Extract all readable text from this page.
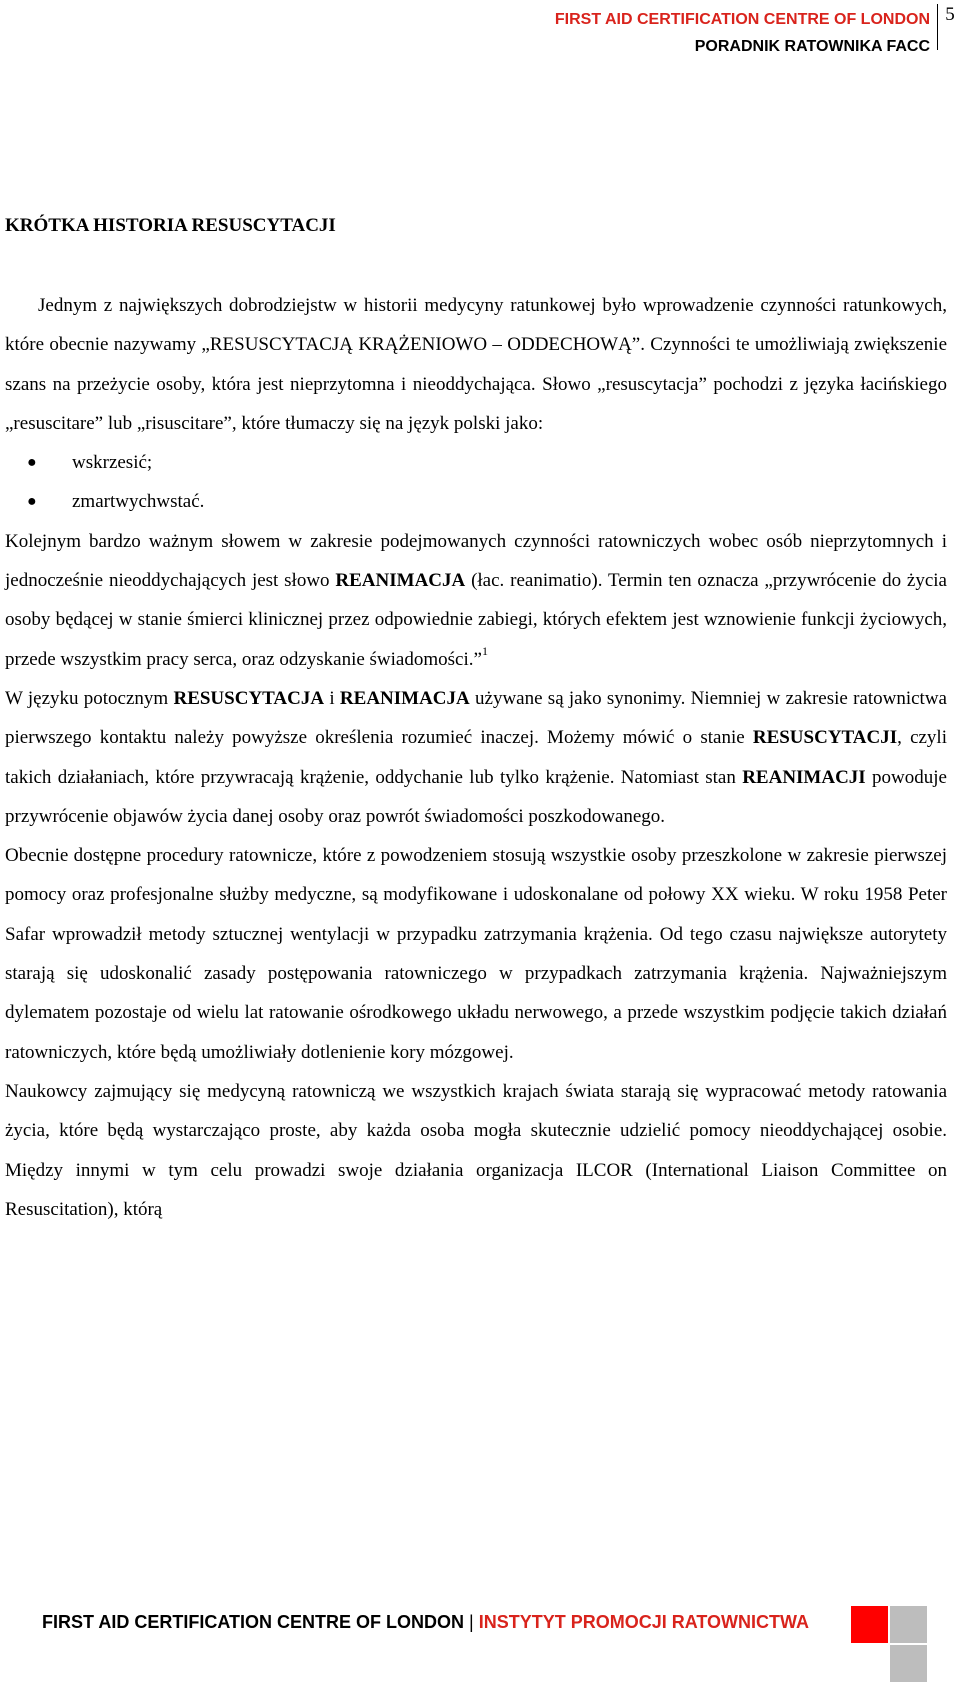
FIRST AID CERTIFICATION CENTRE OF LONDON
PORADNIK RATOWNIKA FACC
5
KRÓTKA HISTORIA RESUSCYTACJI

Jednym z największych dobrodziejstw w historii medycyny ratunkowej było wprowadzenie czynności ratunkowych, które obecnie nazywamy „RESUSCYTACJĄ KRĄŻENIOWO – ODDECHOWĄ”. Czynności te umożliwiają zwiększenie szans na przeżycie osoby, która jest nieprzytomna i nieoddychająca. Słowo „resuscytacja” pochodzi z języka łacińskiego „resuscitare” lub „risuscitare”, które tłumaczy się na język polski jako:

● wskrzesić;
● zmartwychwstać.

Kolejnym bardzo ważnym słowem w zakresie podejmowanych czynności ratowniczych wobec osób nieprzytomnych i jednocześnie nieoddychających jest słowo REANIMACJA (łac. reanimatio). Termin ten oznacza „przywrócenie do życia osoby będącej w stanie śmierci klinicznej przez odpowiednie zabiegi, których efektem jest wznowienie funkcji życiowych, przede wszystkim pracy serca, oraz odzyskanie świadomości.”$^1$

W języku potocznym RESUSCYTACJA i REANIMACJA używane są jako synonimy. Niemniej w zakresie ratownictwa pierwszego kontaktu należy powyższe określenia rozumieć inaczej. Możemy mówić o stanie RESUSCYTACJI, czyli takich działaniach, które przywracają krążenie, oddychanie lub tylko krążenie. Natomiast stan REANIMACJI powoduje przywrócenie objawów życia danej osoby oraz powrót świadomości poszkodowanego.

Obecnie dostępne procedury ratownicze, które z powodzeniem stosują wszystkie osoby przeszkolone w zakresie pierwszej pomocy oraz profesjonalne służby medyczne, są modyfikowane i udoskonalane od połowy XX wieku. W roku 1958 Peter Safar wprowadził metody sztucznej wentylacji w przypadku zatrzymania krążenia. Od tego czasu największe autorytety starają się udoskonalić zasady postępowania ratowniczego w przypadkach zatrzymania krążenia. Najważniejszym dylematem pozostaje od wielu lat ratowanie ośrodkowego układu nerwowego, a przede wszystkim podjęcie takich działań ratowniczych, które będą umożliwiały dotlenienie kory mózgowej.

Naukowcy zajmujący się medycyną ratowniczą we wszystkich krajach świata starają się wypracować metody ratowania życia, które będą wystarczająco proste, aby każda osoba mogła skutecznie udzielić pomocy nieoddychającej osobie. Między innymi w tym celu prowadzi swoje działania organizacja ILCOR (International Liaison Committee on Resuscitation), którą

FIRST AID CERTIFICATION CENTRE OF LONDON | INSTYTYT PROMOCJI RATOWNICTWA
